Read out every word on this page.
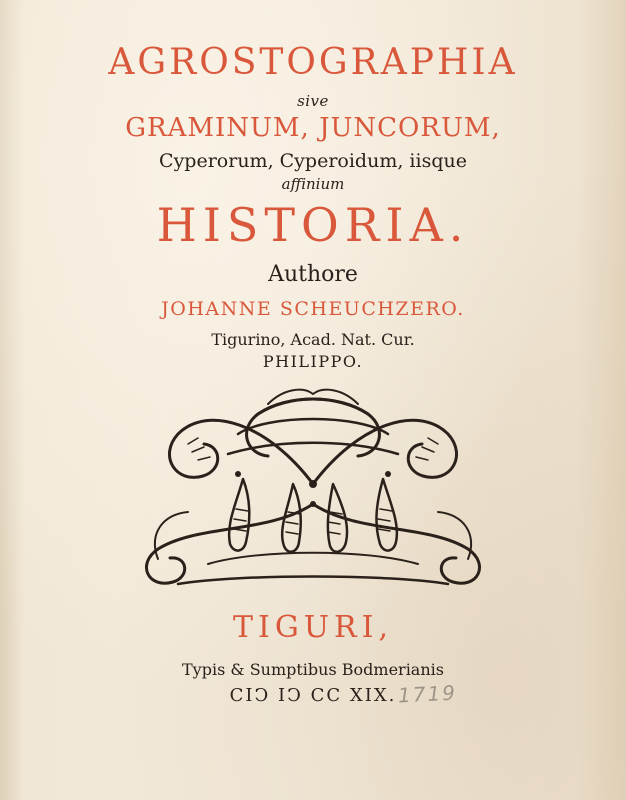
AGROSTOGRAPHIA
sive
GRAMINUM, JUNCORUM,
Cyperorum, Cyperoidum, iisque
affinium
HISTORIA.
Authore
JOHANNE SCHEUCHZERO.
Tigurino, Acad. Nat. Cur.
PHILIPPO.
TIGURI,
Typis & Sumptibus Bodmerianis
CIↃ IↃ CC XIX. 1719
